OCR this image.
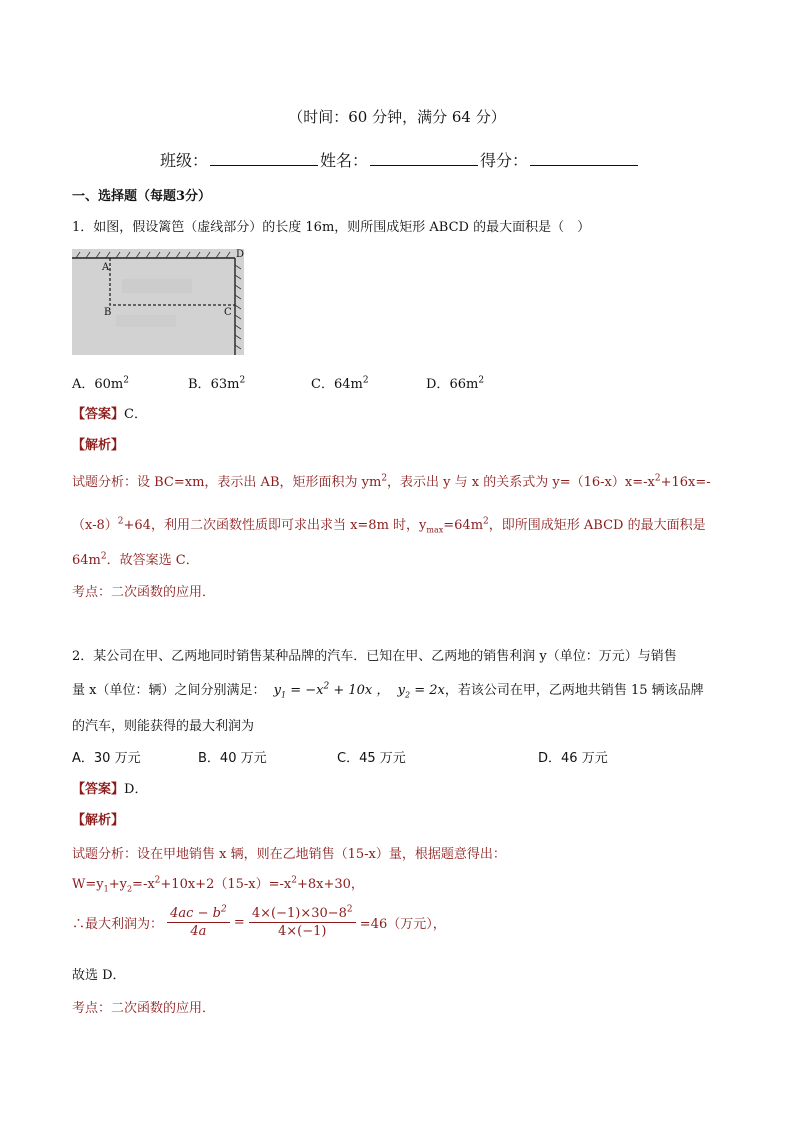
（时间：60 分钟，满分 64 分）
班级：	姓名：	得分：
一、选择题（每题3分）
1．如图，假设篱笆（虚线部分）的长度 16m，则所围成矩形 ABCD 的最大面积是（　）
A
B	C
D
A．$60m^2$	B．$63m^2$	C．$64m^2$	D．$66m^2$
【答案】C．
【解析】
试题分析：设 BC=xm，表示出 AB，矩形面积为 $ym^2$，表示出 y 与 x 的关系式为 $y=(16-x)x=-x^2+16x=-$
$(x-8)^2+64$，利用二次函数性质即可求出求当 x=8m 时，$y_{max}=64m^2$，即所围成矩形 ABCD 的最大面积是
$64m^2$．故答案选 C．
考点：二次函数的应用．
2．某公司在甲、乙两地同时销售某种品牌的汽车．已知在甲、乙两地的销售利润 y（单位：万元）与销售
量 x（单位：辆）之间分别满足： $y_1 = -x^2 + 10x$ ，  $y_2 = 2x$，若该公司在甲，乙两地共销售 15 辆该品牌
的汽车，则能获得的最大利润为
A．30 万元	B．40 万元	C．45 万元	D．46 万元
【答案】D．
【解析】
试题分析：设在甲地销售 x 辆，则在乙地销售（15-x）量，根据题意得出：
$W=y_1+y_2=-x^2+10x+2(15-x)=-x^2+8x+30$，
∴最大利润为： $\frac{4ac - b^2}{4a} = \frac{4\times(-1)\times 30-8^2}{4\times(-1)} =46$（万元），
故选 D．
考点：二次函数的应用．
